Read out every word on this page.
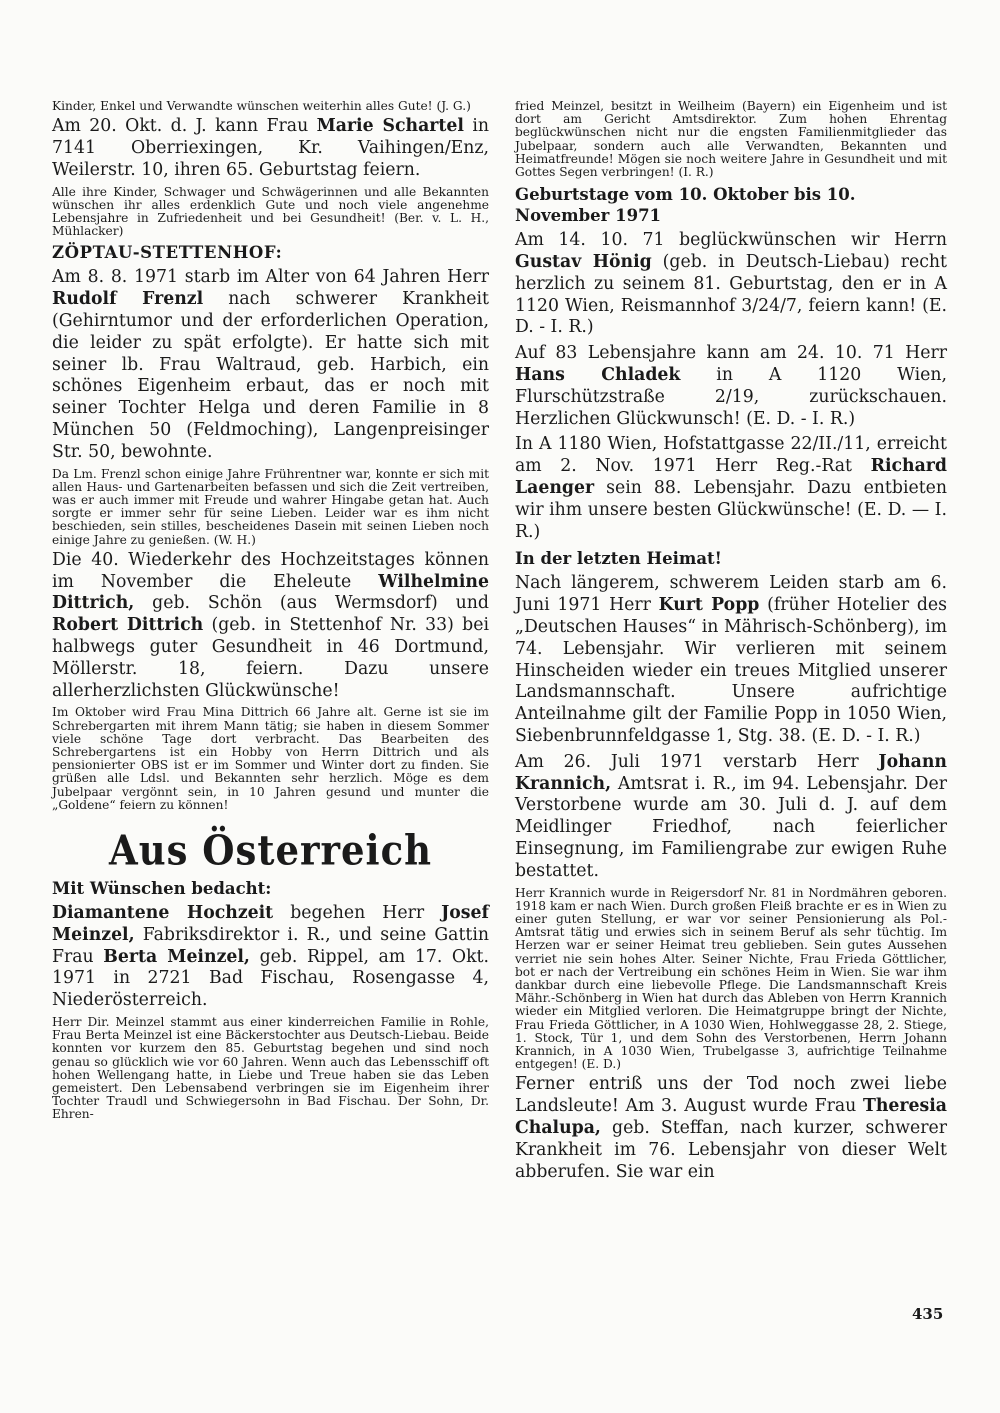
Kinder, Enkel und Verwandte wünschen weiterhin alles Gute! (J. G.)

Am 20. Okt. d. J. kann Frau Marie Schartel in 7141 Oberriexingen, Kr. Vaihingen/Enz, Weilerstr. 10, ihren 65. Geburtstag feiern.

Alle ihre Kinder, Schwager und Schwägerinnen und alle Bekannten wünschen ihr alles erdenklich Gute und noch viele angenehme Lebensjahre in Zufriedenheit und bei Gesundheit! (Ber. v. L. H., Mühlacker)

ZÖPTAU-STETTENHOF:

Am 8. 8. 1971 starb im Alter von 64 Jahren Herr Rudolf Frenzl nach schwerer Krankheit (Gehirntumor und der erforderlichen Operation, die leider zu spät erfolgte). Er hatte sich mit seiner lb. Frau Waltraud, geb. Harbich, ein schönes Eigenheim erbaut, das er noch mit seiner Tochter Helga und deren Familie in 8 München 50 (Feldmoching), Langenpreisinger Str. 50, bewohnte.

Da Lm. Frenzl schon einige Jahre Frührentner war, konnte er sich mit allen Haus- und Gartenarbeiten befassen und sich die Zeit vertreiben, was er auch immer mit Freude und wahrer Hingabe getan hat. Auch sorgte er immer sehr für seine Lieben. Leider war es ihm nicht beschieden, sein stilles, bescheidenes Dasein mit seinen Lieben noch einige Jahre zu genießen. (W. H.)

Die 40. Wiederkehr des Hochzeitstages können im November die Eheleute Wilhelmine Dittrich, geb. Schön (aus Wermsdorf) und Robert Dittrich (geb. in Stettenhof Nr. 33) bei halbwegs guter Gesundheit in 46 Dortmund, Möllerstr. 18, feiern. Dazu unsere allerherzlichsten Glückwünsche!

Im Oktober wird Frau Mina Dittrich 66 Jahre alt. Gerne ist sie im Schrebergarten mit ihrem Mann tätig; sie haben in diesem Sommer viele schöne Tage dort verbracht. Das Bearbeiten des Schrebergartens ist ein Hobby von Herrn Dittrich und als pensionierter OBS ist er im Sommer und Winter dort zu finden. Sie grüßen alle Ldsl. und Bekannten sehr herzlich. Möge es dem Jubelpaar vergönnt sein, in 10 Jahren gesund und munter die „Goldene“ feiern zu können!

Aus Österreich

Mit Wünschen bedacht:

Diamantene Hochzeit begehen Herr Josef Meinzel, Fabriksdirektor i. R., und seine Gattin Frau Berta Meinzel, geb. Rippel, am 17. Okt. 1971 in 2721 Bad Fischau, Rosengasse 4, Niederösterreich.

Herr Dir. Meinzel stammt aus einer kinderreichen Familie in Rohle, Frau Berta Meinzel ist eine Bäckerstochter aus Deutsch-Liebau. Beide konnten vor kurzem den 85. Geburtstag begehen und sind noch genau so glücklich wie vor 60 Jahren. Wenn auch das Lebensschiff oft hohen Wellengang hatte, in Liebe und Treue haben sie das Leben gemeistert. Den Lebensabend verbringen sie im Eigenheim ihrer Tochter Traudl und Schwiegersohn in Bad Fischau. Der Sohn, Dr. Ehren-

fried Meinzel, besitzt in Weilheim (Bayern) ein Eigenheim und ist dort am Gericht Amtsdirektor. Zum hohen Ehrentag beglückwünschen nicht nur die engsten Familienmitglieder das Jubelpaar, sondern auch alle Verwandten, Bekannten und Heimatfreunde! Mögen sie noch weitere Jahre in Gesundheit und mit Gottes Segen verbringen! (I. R.)

Geburtstage vom 10. Oktober bis 10. November 1971

Am 14. 10. 71 beglückwünschen wir Herrn Gustav Hönig (geb. in Deutsch-Liebau) recht herzlich zu seinem 81. Geburtstag, den er in A 1120 Wien, Reismannhof 3/24/7, feiern kann! (E. D. - I. R.)

Auf 83 Lebensjahre kann am 24. 10. 71 Herr Hans Chladek in A 1120 Wien, Flurschützstraße 2/19, zurückschauen. Herzlichen Glückwunsch! (E. D. - I. R.)

In A 1180 Wien, Hofstattgasse 22/II./11, erreicht am 2. Nov. 1971 Herr Reg.-Rat Richard Laenger sein 88. Lebensjahr. Dazu entbieten wir ihm unsere besten Glückwünsche! (E. D. — I. R.)

In der letzten Heimat!

Nach längerem, schwerem Leiden starb am 6. Juni 1971 Herr Kurt Popp (früher Hotelier des „Deutschen Hauses“ in Mährisch-Schönberg), im 74. Lebensjahr. Wir verlieren mit seinem Hinscheiden wieder ein treues Mitglied unserer Landsmannschaft. Unsere aufrichtige Anteilnahme gilt der Familie Popp in 1050 Wien, Siebenbrunnfeldgasse 1, Stg. 38. (E. D. - I. R.)

Am 26. Juli 1971 verstarb Herr Johann Krannich, Amtsrat i. R., im 94. Lebensjahr. Der Verstorbene wurde am 30. Juli d. J. auf dem Meidlinger Friedhof, nach feierlicher Einsegnung, im Familiengrabe zur ewigen Ruhe bestattet.

Herr Krannich wurde in Reigersdorf Nr. 81 in Nordmähren geboren. 1918 kam er nach Wien. Durch großen Fleiß brachte er es in Wien zu einer guten Stellung, er war vor seiner Pensionierung als Pol.-Amtsrat tätig und erwies sich in seinem Beruf als sehr tüchtig. Im Herzen war er seiner Heimat treu geblieben. Sein gutes Aussehen verriet nie sein hohes Alter. Seiner Nichte, Frau Frieda Göttlicher, bot er nach der Vertreibung ein schönes Heim in Wien. Sie war ihm dankbar durch eine liebevolle Pflege. Die Landsmannschaft Kreis Mähr.-Schönberg in Wien hat durch das Ableben von Herrn Krannich wieder ein Mitglied verloren. Die Heimatgruppe bringt der Nichte, Frau Frieda Göttlicher, in A 1030 Wien, Hohlweggasse 28, 2. Stiege, 1. Stock, Tür 1, und dem Sohn des Verstorbenen, Herrn Johann Krannich, in A 1030 Wien, Trubelgasse 3, aufrichtige Teilnahme entgegen! (E. D.)

Ferner entriß uns der Tod noch zwei liebe Landsleute! Am 3. August wurde Frau Theresia Chalupa, geb. Steffan, nach kurzer, schwerer Krankheit im 76. Lebensjahr von dieser Welt abberufen. Sie war ein

435
